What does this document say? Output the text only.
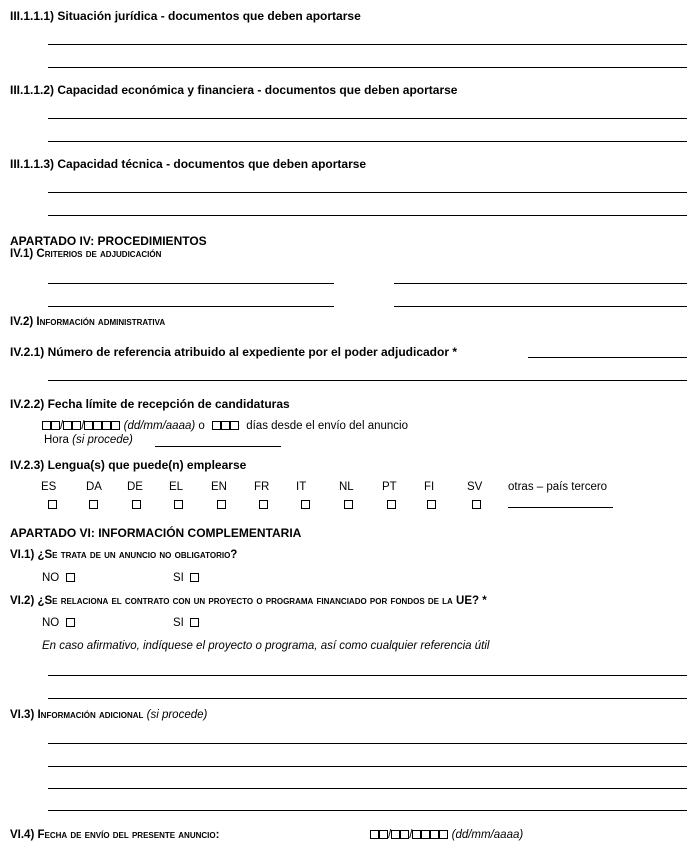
III.1.1.1) Situación jurídica - documentos que deben aportarse
III.1.1.2) Capacidad económica y financiera - documentos que deben aportarse
III.1.1.3) Capacidad técnica - documentos que deben aportarse
APARTADO IV: PROCEDIMIENTOS
IV.1) Criterios de adjudicación
IV.2) Información administrativa
IV.2.1) Número de referencia atribuido al expediente por el poder adjudicador *
IV.2.2) Fecha límite de recepción de candidaturas
/ /	(dd/mm/aaaa) o	días desde el envío del anuncio
Hora (si procede)
IV.2.3) Lengua(s) que puede(n) emplearse
ES	DA DE EL EN FR IT	NL PT FI	SV otras – país tercero
APARTADO VI: INFORMACIÓN COMPLEMENTARIA
VI.1) ¿Se trata de un anuncio no obligatorio?
NO	SI
VI.2) ¿Se relaciona el contrato con un proyecto o programa financiado por fondos de la UE? *
NO	SI
En caso afirmativo, indíquese el proyecto o programa, así como cualquier referencia útil
VI.3) Información adicional (si procede)
VI.4) Fecha de envío del presente anuncio:	/ /	(dd/mm/aaaa)
